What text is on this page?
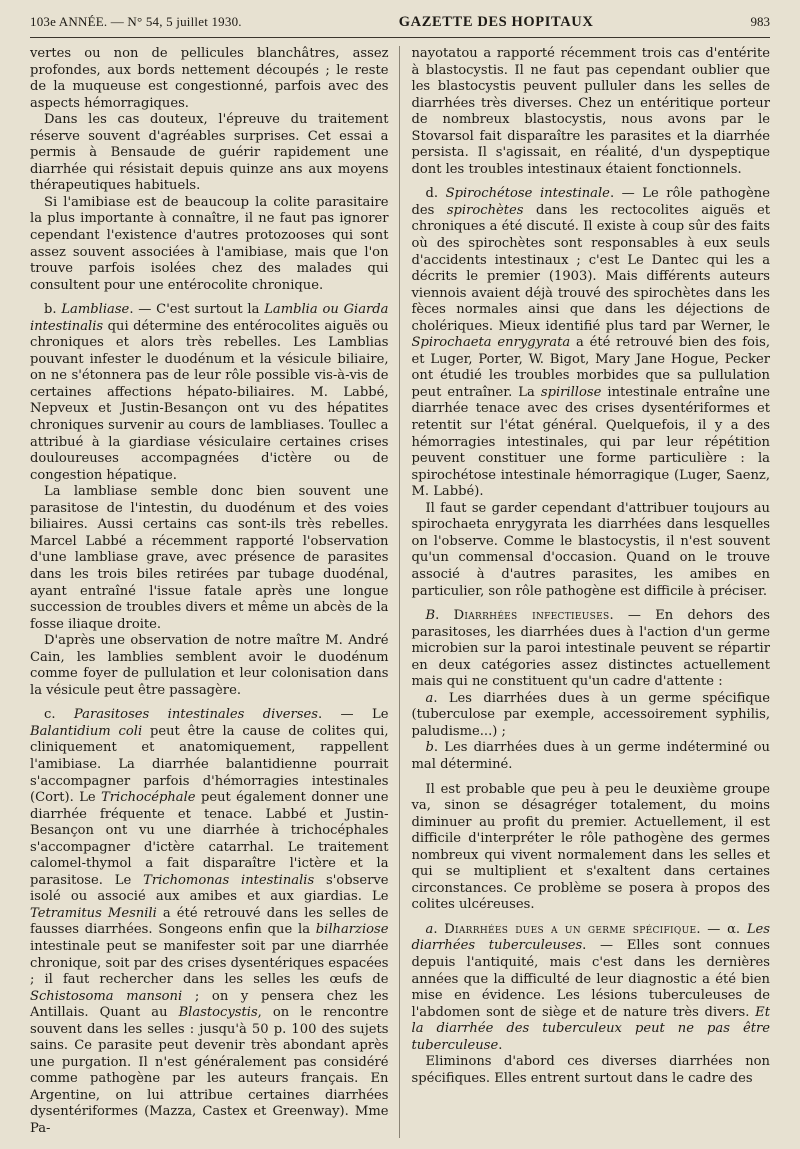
103e ANNÉE. — N° 54, 5 juillet 1930.	GAZETTE DES HOPITAUX	983

vertes ou non de pellicules blanchâtres, assez profondes, aux bords nettement découpés ; le reste de la muqueuse est congestionné, parfois avec des aspects hémorragiques.

Dans les cas douteux, l'épreuve du traitement réserve souvent d'agréables surprises. Cet essai a permis à Bensaude de guérir rapidement une diarrhée qui résistait depuis quinze ans aux moyens thérapeutiques habituels.

Si l'amibiase est de beaucoup la colite parasitaire la plus importante à connaître, il ne faut pas ignorer cependant l'existence d'autres protozooses qui sont assez souvent associées à l'amibiase, mais que l'on trouve parfois isolées chez des malades qui consultent pour une entérocolite chronique.

b. Lambliase. — C'est surtout la Lamblia ou Giarda intestinalis qui détermine des entérocolites aiguës ou chroniques et alors très rebelles. Les Lamblias pouvant infester le duodénum et la vésicule biliaire, on ne s'étonnera pas de leur rôle possible vis-à-vis de certaines affections hépato-biliaires. M. Labbé, Nepveux et Justin-Besançon ont vu des hépatites chroniques survenir au cours de lambliases. Toullec a attribué à la giardiase vésiculaire certaines crises douloureuses accompagnées d'ictère ou de congestion hépatique.

La lambliase semble donc bien souvent une parasitose de l'intestin, du duodénum et des voies biliaires. Aussi certains cas sont-ils très rebelles. Marcel Labbé a récemment rapporté l'observation d'une lambliase grave, avec présence de parasites dans les trois biles retirées par tubage duodénal, ayant entraîné l'issue fatale après une longue succession de troubles divers et même un abcès de la fosse iliaque droite.

D'après une observation de notre maître M. André Cain, les lamblies semblent avoir le duodénum comme foyer de pullulation et leur colonisation dans la vésicule peut être passagère.

c. Parasitoses intestinales diverses. — Le Balantidium coli peut être la cause de colites qui, cliniquement et anatomiquement, rappellent l'amibiase. La diarrhée balantidienne pourrait s'accompagner parfois d'hémorragies intestinales (Cort). Le Trichocéphale peut également donner une diarrhée fréquente et tenace. Labbé et Justin-Besançon ont vu une diarrhée à trichocéphales s'accompagner d'ictère catarrhal. Le traitement calomel-thymol a fait disparaître l'ictère et la parasitose. Le Trichomonas intestinalis s'observe isolé ou associé aux amibes et aux giardias. Le Tetramitus Mesnili a été retrouvé dans les selles de fausses diarrhées. Songeons enfin que la bilharziose intestinale peut se manifester soit par une diarrhée chronique, soit par des crises dysentériques espacées ; il faut rechercher dans les selles les œufs de Schistosoma mansoni ; on y pensera chez les Antillais. Quant au Blastocystis, on le rencontre souvent dans les selles : jusqu'à 50 p. 100 des sujets sains. Ce parasite peut devenir très abondant après une purgation. Il n'est généralement pas considéré comme pathogène par les auteurs français. En Argentine, on lui attribue certaines diarrhées dysentériformes (Mazza, Castex et Greenway). Mme Pa-

nayotatou a rapporté récemment trois cas d'entérite à blastocystis. Il ne faut pas cependant oublier que les blastocystis peuvent pulluler dans les selles de diarrhées très diverses. Chez un entéritique porteur de nombreux blastocystis, nous avons par le Stovarsol fait disparaître les parasites et la diarrhée persista. Il s'agissait, en réalité, d'un dyspeptique dont les troubles intestinaux étaient fonctionnels.

d. Spirochétose intestinale. — Le rôle pathogène des spirochètes dans les rectocolites aiguës et chroniques a été discuté. Il existe à coup sûr des faits où des spirochètes sont responsables à eux seuls d'accidents intestinaux ; c'est Le Dantec qui les a décrits le premier (1903). Mais différents auteurs viennois avaient déjà trouvé des spirochètes dans les fèces normales ainsi que dans les déjections de cholériques. Mieux identifié plus tard par Werner, le Spirochaeta enrygyrata a été retrouvé bien des fois, et Luger, Porter, W. Bigot, Mary Jane Hogue, Pecker ont étudié les troubles morbides que sa pullulation peut entraîner. La spirillose intestinale entraîne une diarrhée tenace avec des crises dysentériformes et retentit sur l'état général. Quelquefois, il y a des hémorragies intestinales, qui par leur répétition peuvent constituer une forme particulière : la spirochétose intestinale hémorragique (Luger, Saenz, M. Labbé).

Il faut se garder cependant d'attribuer toujours au spirochaeta enrygyrata les diarrhées dans lesquelles on l'observe. Comme le blastocystis, il n'est souvent qu'un commensal d'occasion. Quand on le trouve associé à d'autres parasites, les amibes en particulier, son rôle pathogène est difficile à préciser.

B. Diarrhées infectieuses. — En dehors des parasitoses, les diarrhées dues à l'action d'un germe microbien sur la paroi intestinale peuvent se répartir en deux catégories assez distinctes actuellement mais qui ne constituent qu'un cadre d'attente :

a. Les diarrhées dues à un germe spécifique (tuberculose par exemple, accessoirement syphilis, paludisme...) ;

b. Les diarrhées dues à un germe indéterminé ou mal déterminé.

Il est probable que peu à peu le deuxième groupe va, sinon se désagréger totalement, du moins diminuer au profit du premier. Actuellement, il est difficile d'interpréter le rôle pathogène des germes nombreux qui vivent normalement dans les selles et qui se multiplient et s'exaltent dans certaines circonstances. Ce problème se posera à propos des colites ulcéreuses.

a. Diarrhées dues a un germe spécifique. — α. Les diarrhées tuberculeuses. — Elles sont connues depuis l'antiquité, mais c'est dans les dernières années que la difficulté de leur diagnostic a été bien mise en évidence. Les lésions tuberculeuses de l'abdomen sont de siège et de nature très divers. Et la diarrhée des tuberculeux peut ne pas être tuberculeuse.

Eliminons d'abord ces diverses diarrhées non spécifiques. Elles entrent surtout dans le cadre des
